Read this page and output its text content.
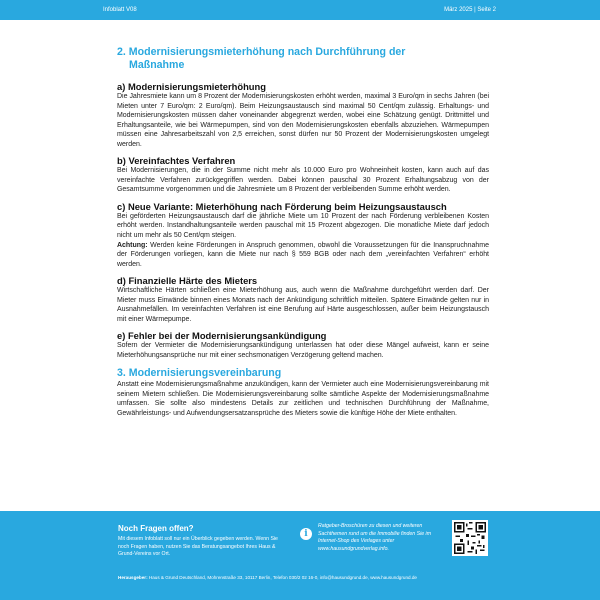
Infoblatt V08	März 2025 | Seite 2
2. Modernisierungsmieterhöhung nach Durchführung der
Maßnahme
a) Modernisierungsmieterhöhung

Die Jahresmiete kann um 8 Prozent der Modernisierungskosten erhöht werden, maximal 3 Euro/qm in sechs Jahren (bei Mieten unter 7 Euro/qm: 2 Euro/qm). Beim Heizungsaustausch sind maximal 50 Cent/qm zulässig. Erhaltungs- und Modernisierungskosten müssen daher voneinander abgegrenzt werden, wobei eine Schätzung genügt. Drittmittel und Erhaltungsanteile, wie bei Wärmepumpen, sind von den Modernisierungskosten ebenfalls abzuziehen. Wärmepumpen müssen eine Jahresarbeitszahl von 2,5 erreichen, sonst dürfen nur 50 Prozent der Modernisierungskosten umgelegt werden.

b) Vereinfachtes Verfahren

Bei Modernisierungen, die in der Summe nicht mehr als 10.000 Euro pro Wohneinheit kosten, kann auch auf das vereinfachte Verfahren zurückgegriffen werden. Dabei können pauschal 30 Prozent Erhaltungsabzug von der Gesamtsumme vorgenommen und die Jahresmiete um 8 Prozent der verbleibenden Summe erhöht werden.

c) Neue Variante: Mieterhöhung nach Förderung beim Heizungsaustausch

Bei geförderten Heizungsaustausch darf die jährliche Miete um 10 Prozent der nach Förderung verbleibenen Kosten erhöht werden. Instandhaltungsanteile werden pauschal mit 15 Prozent abgezogen. Die monatliche Miete darf jedoch nicht um mehr als 50 Cent/qm steigen.

Achtung: Werden keine Förderungen in Anspruch genommen, obwohl die Voraussetzungen für die Inanspruchnahme der Förderungen vorliegen, kann die Miete nur nach § 559 BGB oder nach dem „vereinfachten Verfahren“ erhöht werden.

d) Finanzielle Härte des Mieters

Wirtschaftliche Härten schließen eine Mieterhöhung aus, auch wenn die Maßnahme durchgeführt werden darf. Der Mieter muss Einwände binnen eines Monats nach der Ankündigung schriftlich mitteilen. Spätere Einwände gelten nur in Ausnahmefällen. Im vereinfachten Verfahren ist eine Berufung auf Härte ausgeschlossen, außer beim Heizungstausch mit einer Wärmepumpe.

e) Fehler bei der Modernisierungsankündigung

Sofern der Vermieter die Modernisierungsankündigung unterlassen hat oder diese Mängel aufweist, kann er seine Mieterhöhungsansprüche nur mit einer sechsmonatigen Verzögerung geltend machen.

3. Modernisierungsvereinbarung

Anstatt eine Modernisierungsmaßnahme anzukündigen, kann der Vermieter auch eine Modernisierungsvereinbarung mit seinem Mietern schließen. Die Modernisierungsvereinbarung sollte sämtliche Aspekte der Modernisierungsmaßnahme umfassen. Sie sollte also mindestens Details zur zeitlichen und technischen Durchführung der Maßnahme, Gewährleistungs- und Aufwendungsersatzansprüche des Mieters sowie die künftige Höhe der Miete enthalten.

Noch Fragen offen?
Mit diesem Infoblatt soll nur ein Überblick gegeben werden. Wenn Sie noch Fragen haben, nutzen Sie das Beratungsangebot Ihres Haus & Grund-Vereins vor Ort.
i
Ratgeber-Broschüren zu diesen und weiteren Sachthemen rund um die Immobilie finden Sie im Internet-Shop des Verlages unter www.hausundgrundverlag.info.
Herausgeber: Haus & Grund Deutschland, Mohrenstraße 33, 10117 Berlin, Telefon 030/2 02 16-0, info@hausundgrund.de, www.hausundgrund.de
